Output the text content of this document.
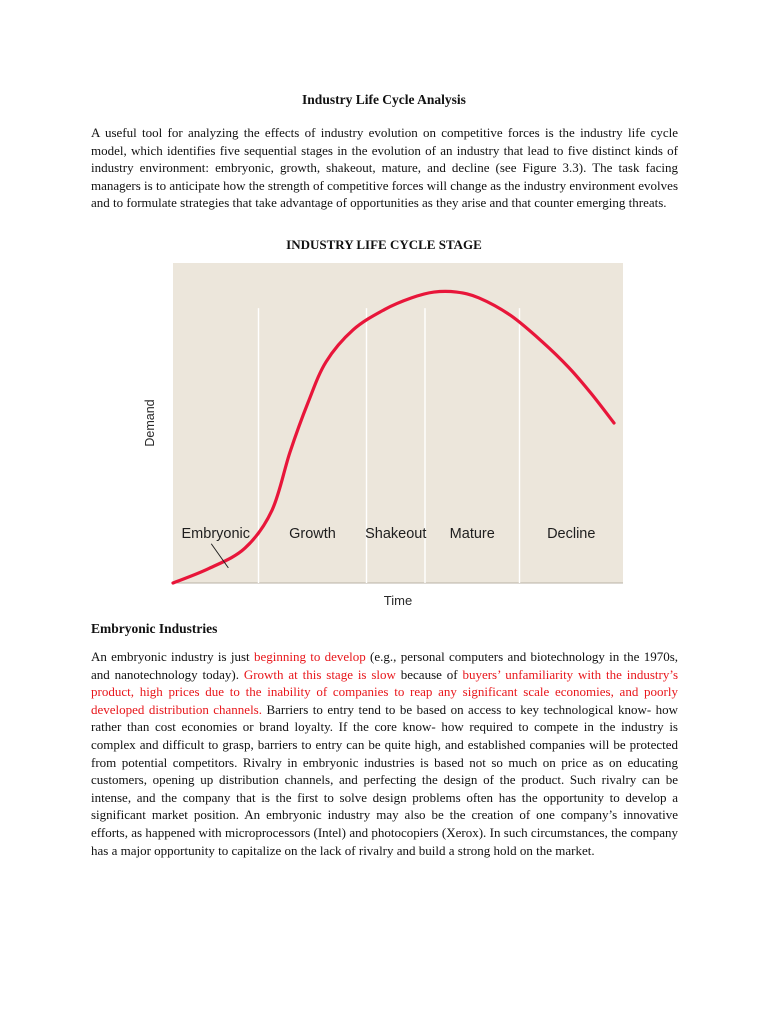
Industry Life Cycle Analysis

A useful tool for analyzing the effects of industry evolution on competitive forces is the industry life cycle model, which identifies five sequential stages in the evolution of an industry that lead to five distinct kinds of industry environment: embryonic, growth, shakeout, mature, and decline (see Figure 3.3). The task facing managers is to anticipate how the strength of competitive forces will change as the industry environment evolves and to formulate strategies that take advantage of opportunities as they arise and that counter emerging threats.

INDUSTRY LIFE CYCLE STAGE
Embryonic	Growth Shakeout Mature	Decline
Time
Demand
Embryonic Industries

An embryonic industry is just beginning to develop (e.g., personal computers and biotechnology in the 1970s, and nanotechnology today). Growth at this stage is slow because of buyers’ unfamiliarity with the industry’s product, high prices due to the inability of companies to reap any significant scale economies, and poorly developed distribution channels. Barriers to entry tend to be based on access to key technological know- how rather than cost economies or brand loyalty. If the core know- how required to compete in the industry is complex and difficult to grasp, barriers to entry can be quite high, and established companies will be protected from potential competitors. Rivalry in embryonic industries is based not so much on price as on educating customers, opening up distribution channels, and perfecting the design of the product. Such rivalry can be intense, and the company that is the first to solve design problems often has the opportunity to develop a significant market position. An embryonic industry may also be the creation of one company’s innovative efforts, as happened with microprocessors (Intel) and photocopiers (Xerox). In such circumstances, the company has a major opportunity to capitalize on the lack of rivalry and build a strong hold on the market.
